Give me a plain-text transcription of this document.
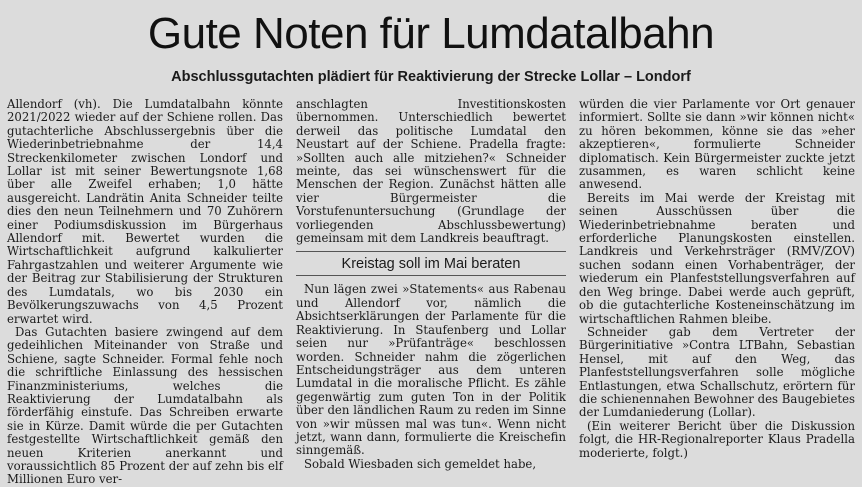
Gute Noten für Lumdatalbahn
Abschlussgutachten plädiert für Reaktivierung der Strecke Lollar – Londorf

Allendorf (vh). Die Lumdatalbahn könnte 2021/2022 wieder auf der Schiene rollen. Das gutachterliche Abschlussergebnis über die Wiederinbetriebnahme der 14,4 Streckenkilometer zwischen Londorf und Lollar ist mit seiner Bewertungsnote 1,68 über alle Zweifel erhaben; 1,0 hätte ausgereicht. Landrätin Anita Schneider teilte dies den neun Teilnehmern und 70 Zuhörern einer Podiumsdiskussion im Bürgerhaus Allendorf mit. Bewertet wurden die Wirtschaftlichkeit aufgrund kalkulierter Fahrgastzahlen und weiterer Argumente wie der Beitrag zur Stabilisierung der Strukturen des Lumdatals, wo bis 2030 ein Bevölkerungszuwachs von 4,5 Prozent erwartet wird.

Das Gutachten basiere zwingend auf dem gedeihlichen Miteinander von Straße und Schiene, sagte Schneider. Formal fehle noch die schriftliche Einlassung des hessischen Finanzministeriums, welches die Reaktivierung der Lumdatalbahn als förderfähig einstufe. Das Schreiben erwarte sie in Kürze. Damit würde die per Gutachten festgestellte Wirtschaftlichkeit gemäß den neuen Kriterien anerkannt und voraussichtlich 85 Prozent der auf zehn bis elf Millionen Euro ver-

anschlagten Investitionskosten übernommen. Unterschiedlich bewertet derweil das politische Lumdatal den Neustart auf der Schiene. Pradella fragte: »Sollten auch alle mitziehen?« Schneider meinte, das sei wünschenswert für die Menschen der Region. Zunächst hätten alle vier Bürgermeister die Vorstufenuntersuchung (Grundlage der vorliegenden Abschlussbewertung) gemeinsam mit dem Landkreis beauftragt.

Kreistag soll im Mai beraten

Nun lägen zwei »Statements« aus Rabenau und Allendorf vor, nämlich die Absichtserklärungen der Parlamente für die Reaktivierung. In Staufenberg und Lollar seien nur »Prüfanträge« beschlossen worden. Schneider nahm die zögerlichen Entscheidungsträger aus dem unteren Lumdatal in die moralische Pflicht. Es zähle gegenwärtig zum guten Ton in der Politik über den ländlichen Raum zu reden im Sinne von »wir müssen mal was tun«. Wenn nicht jetzt, wann dann, formulierte die Kreischefin sinngemäß.

Sobald Wiesbaden sich gemeldet habe,

würden die vier Parlamente vor Ort genauer informiert. Sollte sie dann »wir können nicht« zu hören bekommen, könne sie das »eher akzeptieren«, formulierte Schneider diplomatisch. Kein Bürgermeister zuckte jetzt zusammen, es waren schlicht keine anwesend.

Bereits im Mai werde der Kreistag mit seinen Ausschüssen über die Wiederinbetriebnahme beraten und erforderliche Planungskosten einstellen. Landkreis und Verkehrsträger (RMV/ZOV) suchen sodann einen Vorhabenträger, der wiederum ein Planfeststellungsverfahren auf den Weg bringe. Dabei werde auch geprüft, ob die gutachterliche Kosteneinschätzung im wirtschaftlichen Rahmen bleibe.

Schneider gab dem Vertreter der Bürgerinitiative »Contra LTBahn, Sebastian Hensel, mit auf den Weg, das Planfeststellungsverfahren solle mögliche Entlastungen, etwa Schallschutz, erörtern für die schienennahen Bewohner des Baugebietes der Lumdaniederung (Lollar).

(Ein weiterer Bericht über die Diskussion folgt, die HR-Regionalreporter Klaus Pradella moderierte, folgt.)
